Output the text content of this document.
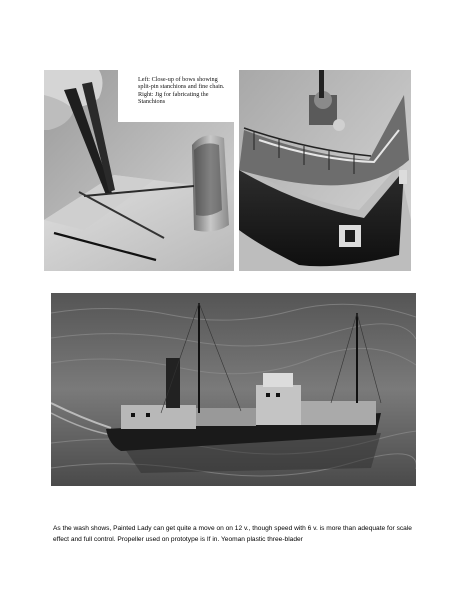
Left: Close-up of bows showing
split-pin stanchions and fine chain.
Right: Jig for fabricating the
Stanchions
As the wash shows, Painted Lady can get quite a move on on 12 v., though speed with 6 v. is more than adequate for scale effect and full control. Propeller used on prototype is If in. Yeoman plastic three-blader
